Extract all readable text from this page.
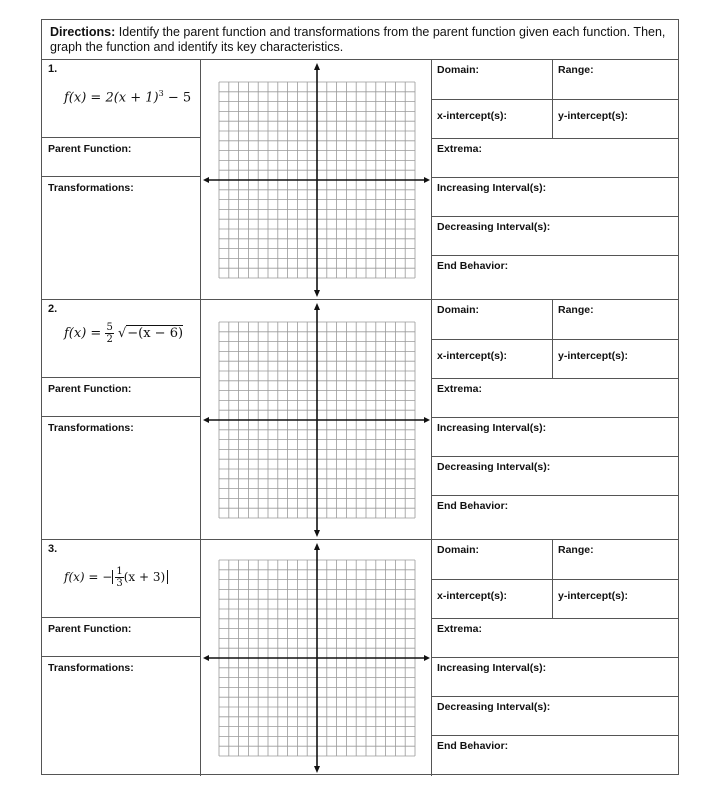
Directions: Identify the parent function and transformations from the parent function given each function. Then, graph the function and identify its key characteristics.
1.
$f(x) = 2(x + 1)^3 - 5$
Parent Function:
Transformations:
Domain:	Range:
x-intercept(s):	y-intercept(s):
Extrema:
Increasing Interval(s):
Decreasing Interval(s):
End Behavior:
2.
$f(x) = \frac{5}{2} √-(x - 6)$
Parent Function:
Transformations:
Domain:	Range:
x-intercept(s):	y-intercept(s):
Extrema:
Increasing Interval(s):
Decreasing Interval(s):
End Behavior:
3.
f(x) = − $\frac{1}{3} (x + 3)$
Parent Function:
Transformations:
Domain:	Range:
x-intercept(s):	y-intercept(s):
Extrema:
Increasing Interval(s):
Decreasing Interval(s):
End Behavior:
